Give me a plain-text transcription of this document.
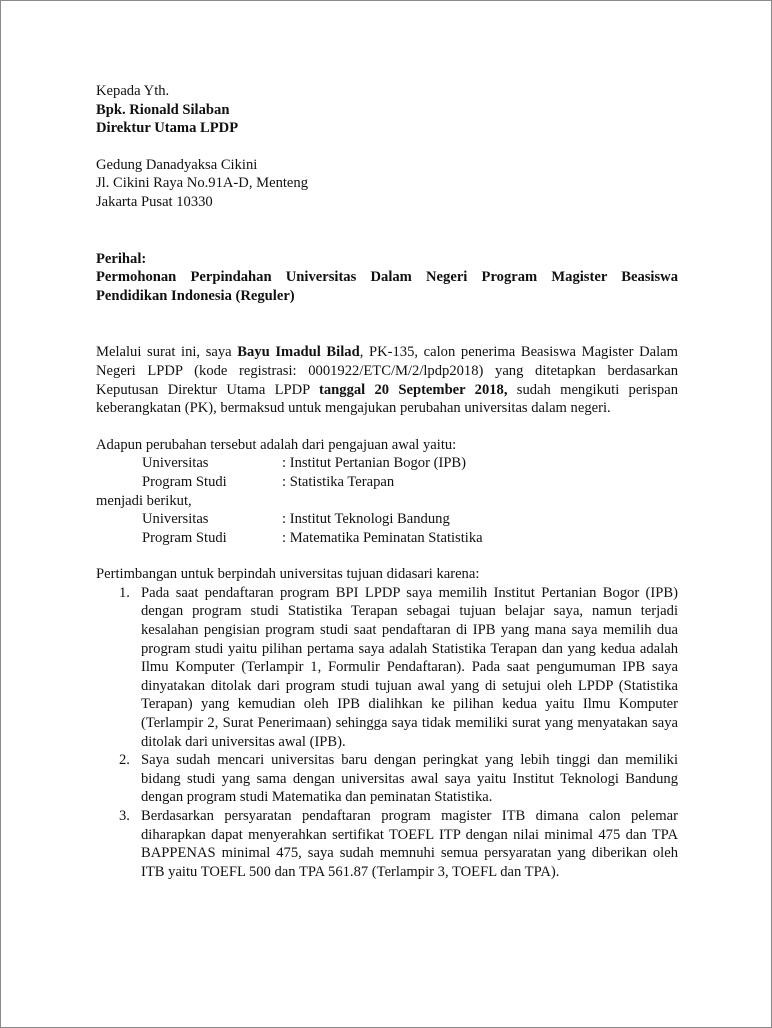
Kepada Yth.
Bpk. Rionald Silaban
Direktur Utama LPDP
Gedung Danadyaksa Cikini
Jl. Cikini Raya No.91A-D, Menteng
Jakarta Pusat 10330
Perihal:
Permohonan Perpindahan Universitas Dalam Negeri Program Magister Beasiswa Pendidikan Indonesia (Reguler)
Melalui surat ini, saya Bayu Imadul Bilad, PK-135, calon penerima Beasiswa Magister Dalam Negeri LPDP (kode registrasi: 0001922/ETC/M/2/lpdp2018) yang ditetapkan berdasarkan Keputusan Direktur Utama LPDP tanggal 20 September 2018, sudah mengikuti perispan keberangkatan (PK), bermaksud untuk mengajukan perubahan universitas dalam negeri.
Adapun perubahan tersebut adalah dari pengajuan awal yaitu:
Universitas	: Institut Pertanian Bogor (IPB)
Program Studi	: Statistika Terapan
menjadi berikut,
Universitas	: Institut Teknologi Bandung
Program Studi	: Matematika Peminatan Statistika
Pertimbangan untuk berpindah universitas tujuan didasari karena:
1. Pada saat pendaftaran program BPI LPDP saya memilih Institut Pertanian Bogor (IPB) dengan program studi Statistika Terapan sebagai tujuan belajar saya, namun terjadi kesalahan pengisian program studi saat pendaftaran di IPB yang mana saya memilih dua program studi yaitu pilihan pertama saya adalah Statistika Terapan dan yang kedua adalah Ilmu Komputer (Terlampir 1, Formulir Pendaftaran). Pada saat pengumuman IPB saya dinyatakan ditolak dari program studi tujuan awal yang di setujui oleh LPDP (Statistika Terapan) yang kemudian oleh IPB dialihkan ke pilihan kedua yaitu Ilmu Komputer (Terlampir 2, Surat Penerimaan) sehingga saya tidak memiliki surat yang menyatakan saya ditolak dari universitas awal (IPB).
2. Saya sudah mencari universitas baru dengan peringkat yang lebih tinggi dan memiliki bidang studi yang sama dengan universitas awal saya yaitu Institut Teknologi Bandung dengan program studi Matematika dan peminatan Statistika.
3. Berdasarkan persyaratan pendaftaran program magister ITB dimana calon pelemar diharapkan dapat menyerahkan sertifikat TOEFL ITP dengan nilai minimal 475 dan TPA BAPPENAS minimal 475, saya sudah memnuhi semua persyaratan yang diberikan oleh ITB yaitu TOEFL 500 dan TPA 561.87 (Terlampir 3, TOEFL dan TPA).
